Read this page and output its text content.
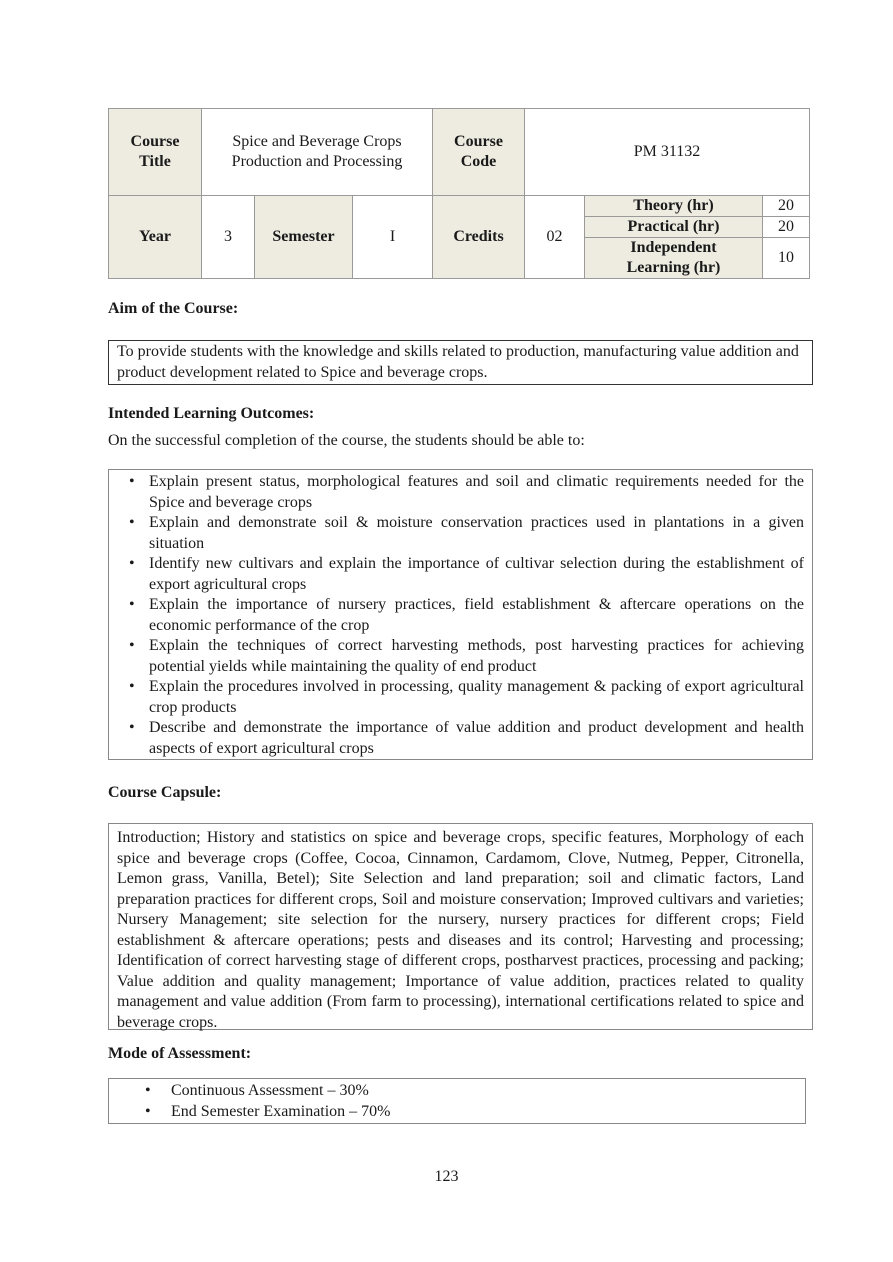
Course Title	Spice and Beverage Crops Production and Processing			Course Code	PM 31132		
Year	3	Semester	I	Credits	02	Theory (hr)	20
						Practical (hr)	20
						Independent Learning (hr)	10
Aim of the Course:
To provide students with the knowledge and skills related to production, manufacturing value addition and product development related to Spice and beverage crops.
Intended Learning Outcomes:
On the successful completion of the course, the students should be able to:
• Explain present status, morphological features and soil and climatic requirements needed for the Spice and beverage crops
• Explain and demonstrate soil & moisture conservation practices used in plantations in a given situation
• Identify new cultivars and explain the importance of cultivar selection during the establishment of export agricultural crops
• Explain the importance of nursery practices, field establishment & aftercare operations on the economic performance of the crop
• Explain the techniques of correct harvesting methods, post harvesting practices for achieving potential yields while maintaining the quality of end product
• Explain the procedures involved in processing, quality management & packing of export agricultural crop products
• Describe and demonstrate the importance of value addition and product development and health aspects of export agricultural crops
Course Capsule:
Introduction; History and statistics on spice and beverage crops, specific features, Morphology of each spice and beverage crops (Coffee, Cocoa, Cinnamon, Cardamom, Clove, Nutmeg, Pepper, Citronella, Lemon grass, Vanilla, Betel); Site Selection and land preparation; soil and climatic factors, Land preparation practices for different crops, Soil and moisture conservation; Improved cultivars and varieties; Nursery Management; site selection for the nursery, nursery practices for different crops; Field establishment & aftercare operations; pests and diseases and its control; Harvesting and processing; Identification of correct harvesting stage of different crops, postharvest practices, processing and packing; Value addition and quality management; Importance of value addition, practices related to quality management and value addition (From farm to processing), international certifications related to spice and beverage crops.
Mode of Assessment:
• Continuous Assessment – 30%
• End Semester Examination – 70%
123
